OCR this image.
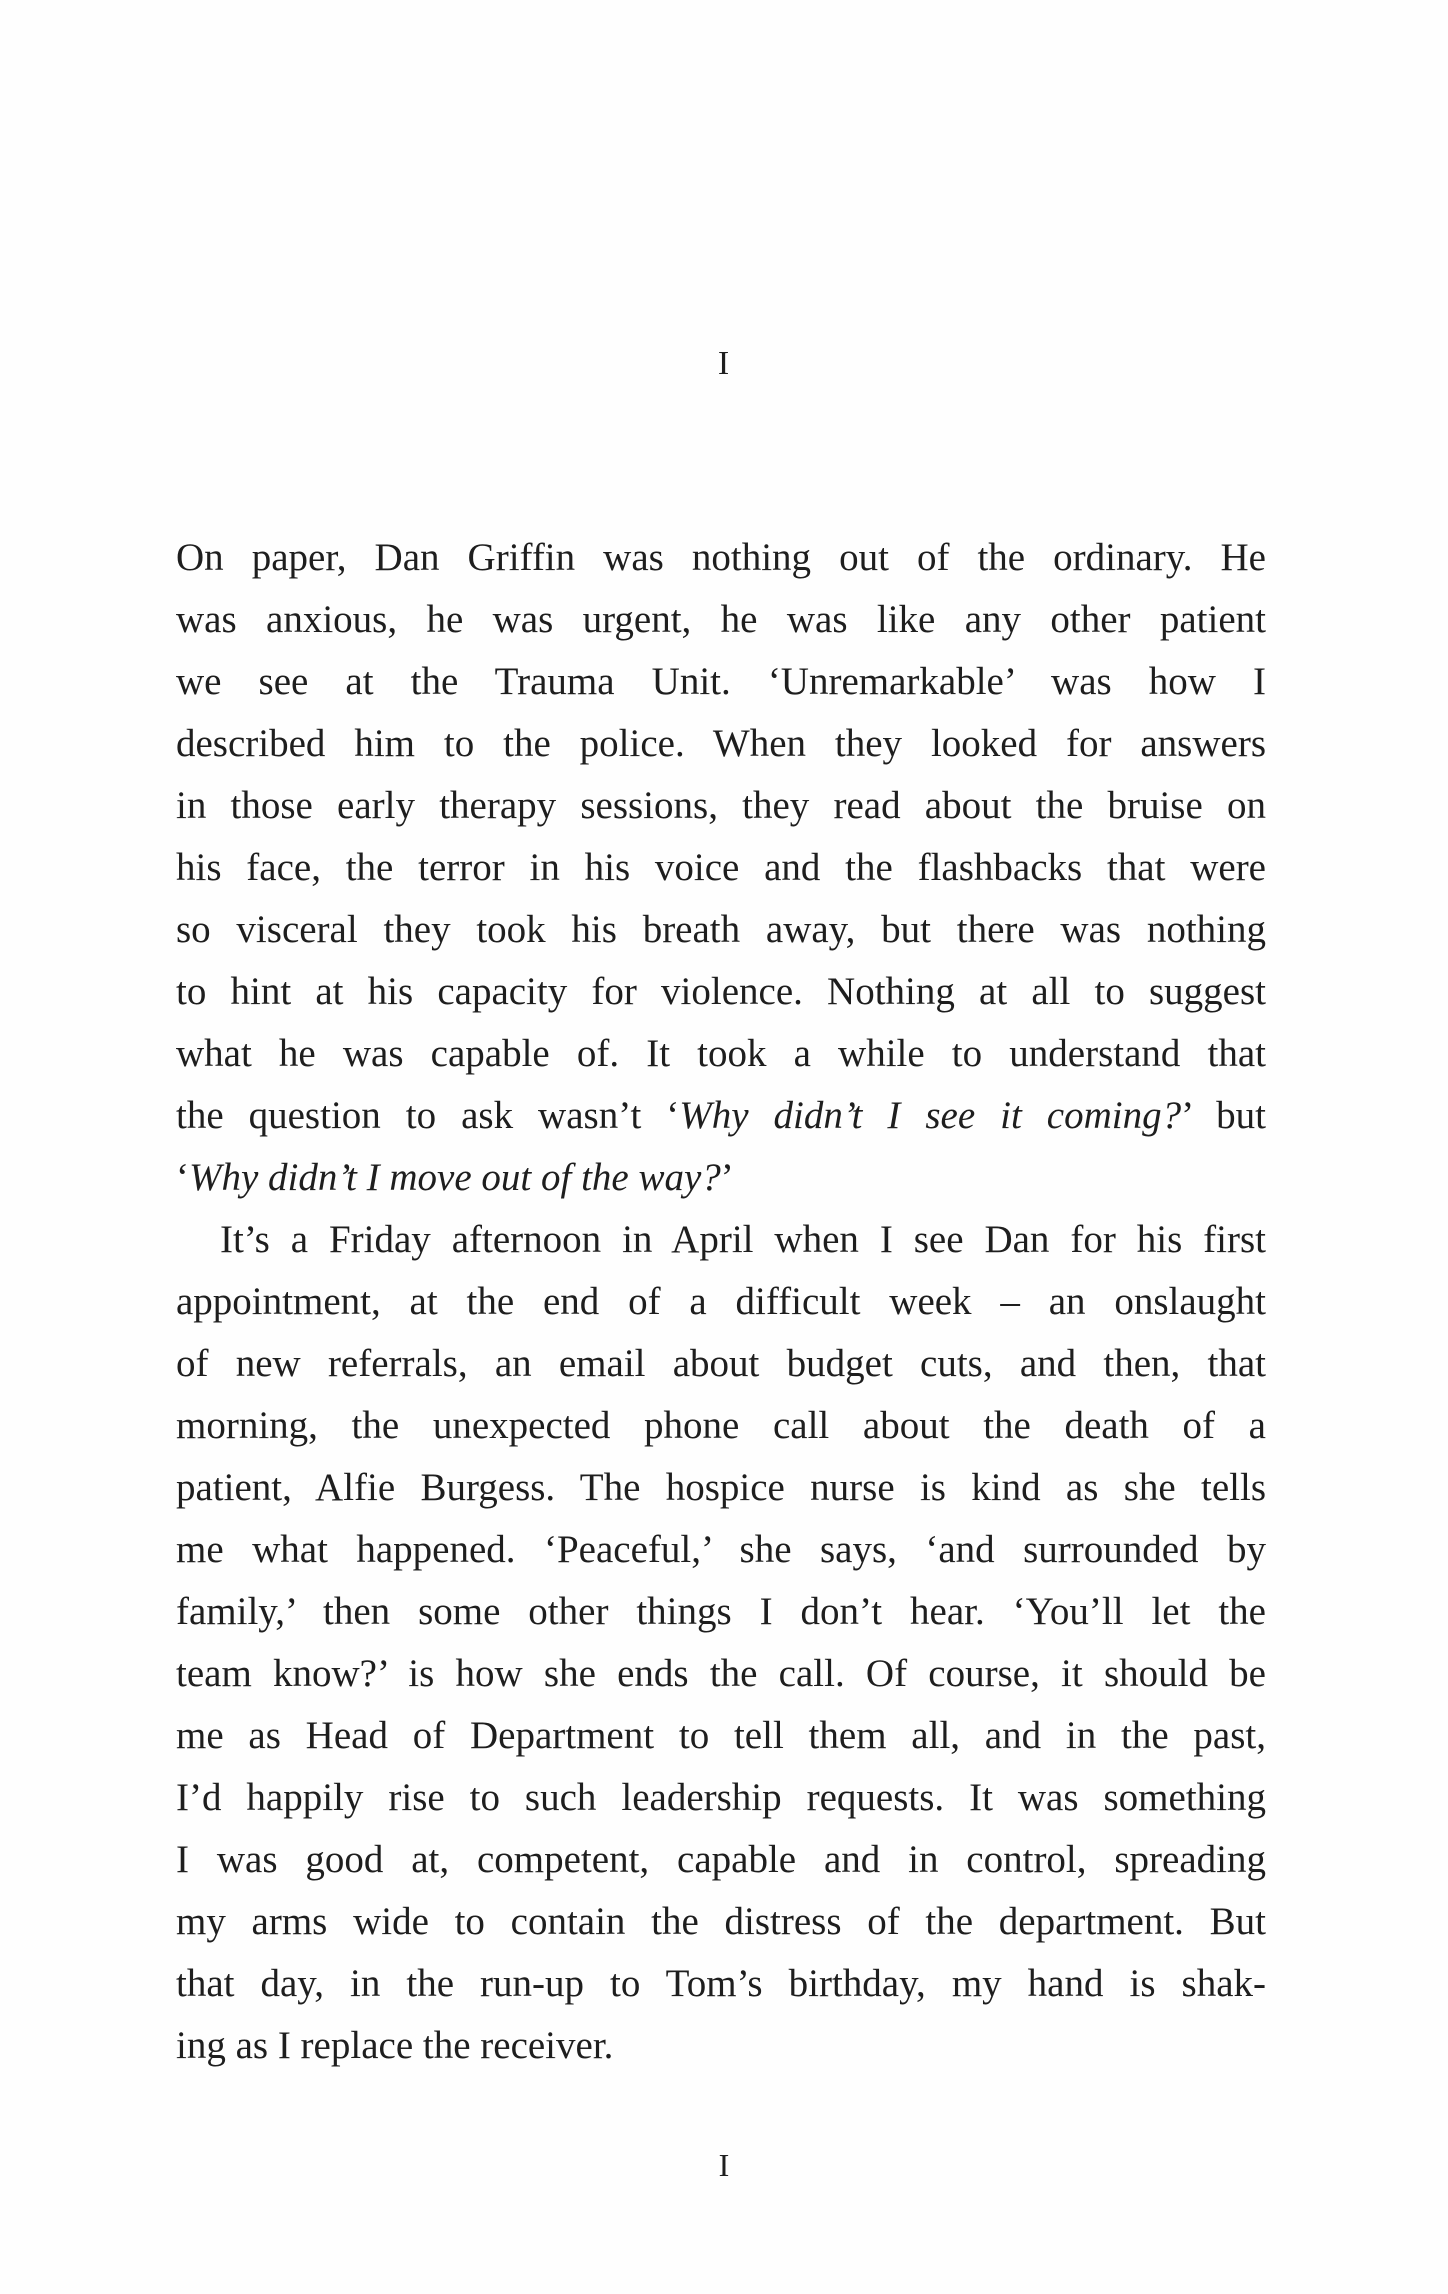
I
On paper, Dan Griffin was nothing out of the ordinary. He
was anxious, he was urgent, he was like any other patient
we see at the Trauma Unit. ‘Unremarkable’ was how I
described him to the police. When they looked for answers
in those early therapy sessions, they read about the bruise on
his face, the terror in his voice and the flashbacks that were
so visceral they took his breath away, but there was nothing
to hint at his capacity for violence. Nothing at all to suggest
what he was capable of. It took a while to understand that
the question to ask wasn’t ‘Why didn’t I see it coming?’ but
‘Why didn’t I move out of the way?’
It’s a Friday afternoon in April when I see Dan for his first
appointment, at the end of a difficult week – an onslaught
of new referrals, an email about budget cuts, and then, that
morning, the unexpected phone call about the death of a
patient, Alfie Burgess. The hospice nurse is kind as she tells
me what happened. ‘Peaceful,’ she says, ‘and surrounded by
family,’ then some other things I don’t hear. ‘You’ll let the
team know?’ is how she ends the call. Of course, it should be
me as Head of Department to tell them all, and in the past,
I’d happily rise to such leadership requests. It was something
I was good at, competent, capable and in control, spreading
my arms wide to contain the distress of the department. But
that day, in the run-up to Tom’s birthday, my hand is shak-
ing as I replace the receiver.
I
